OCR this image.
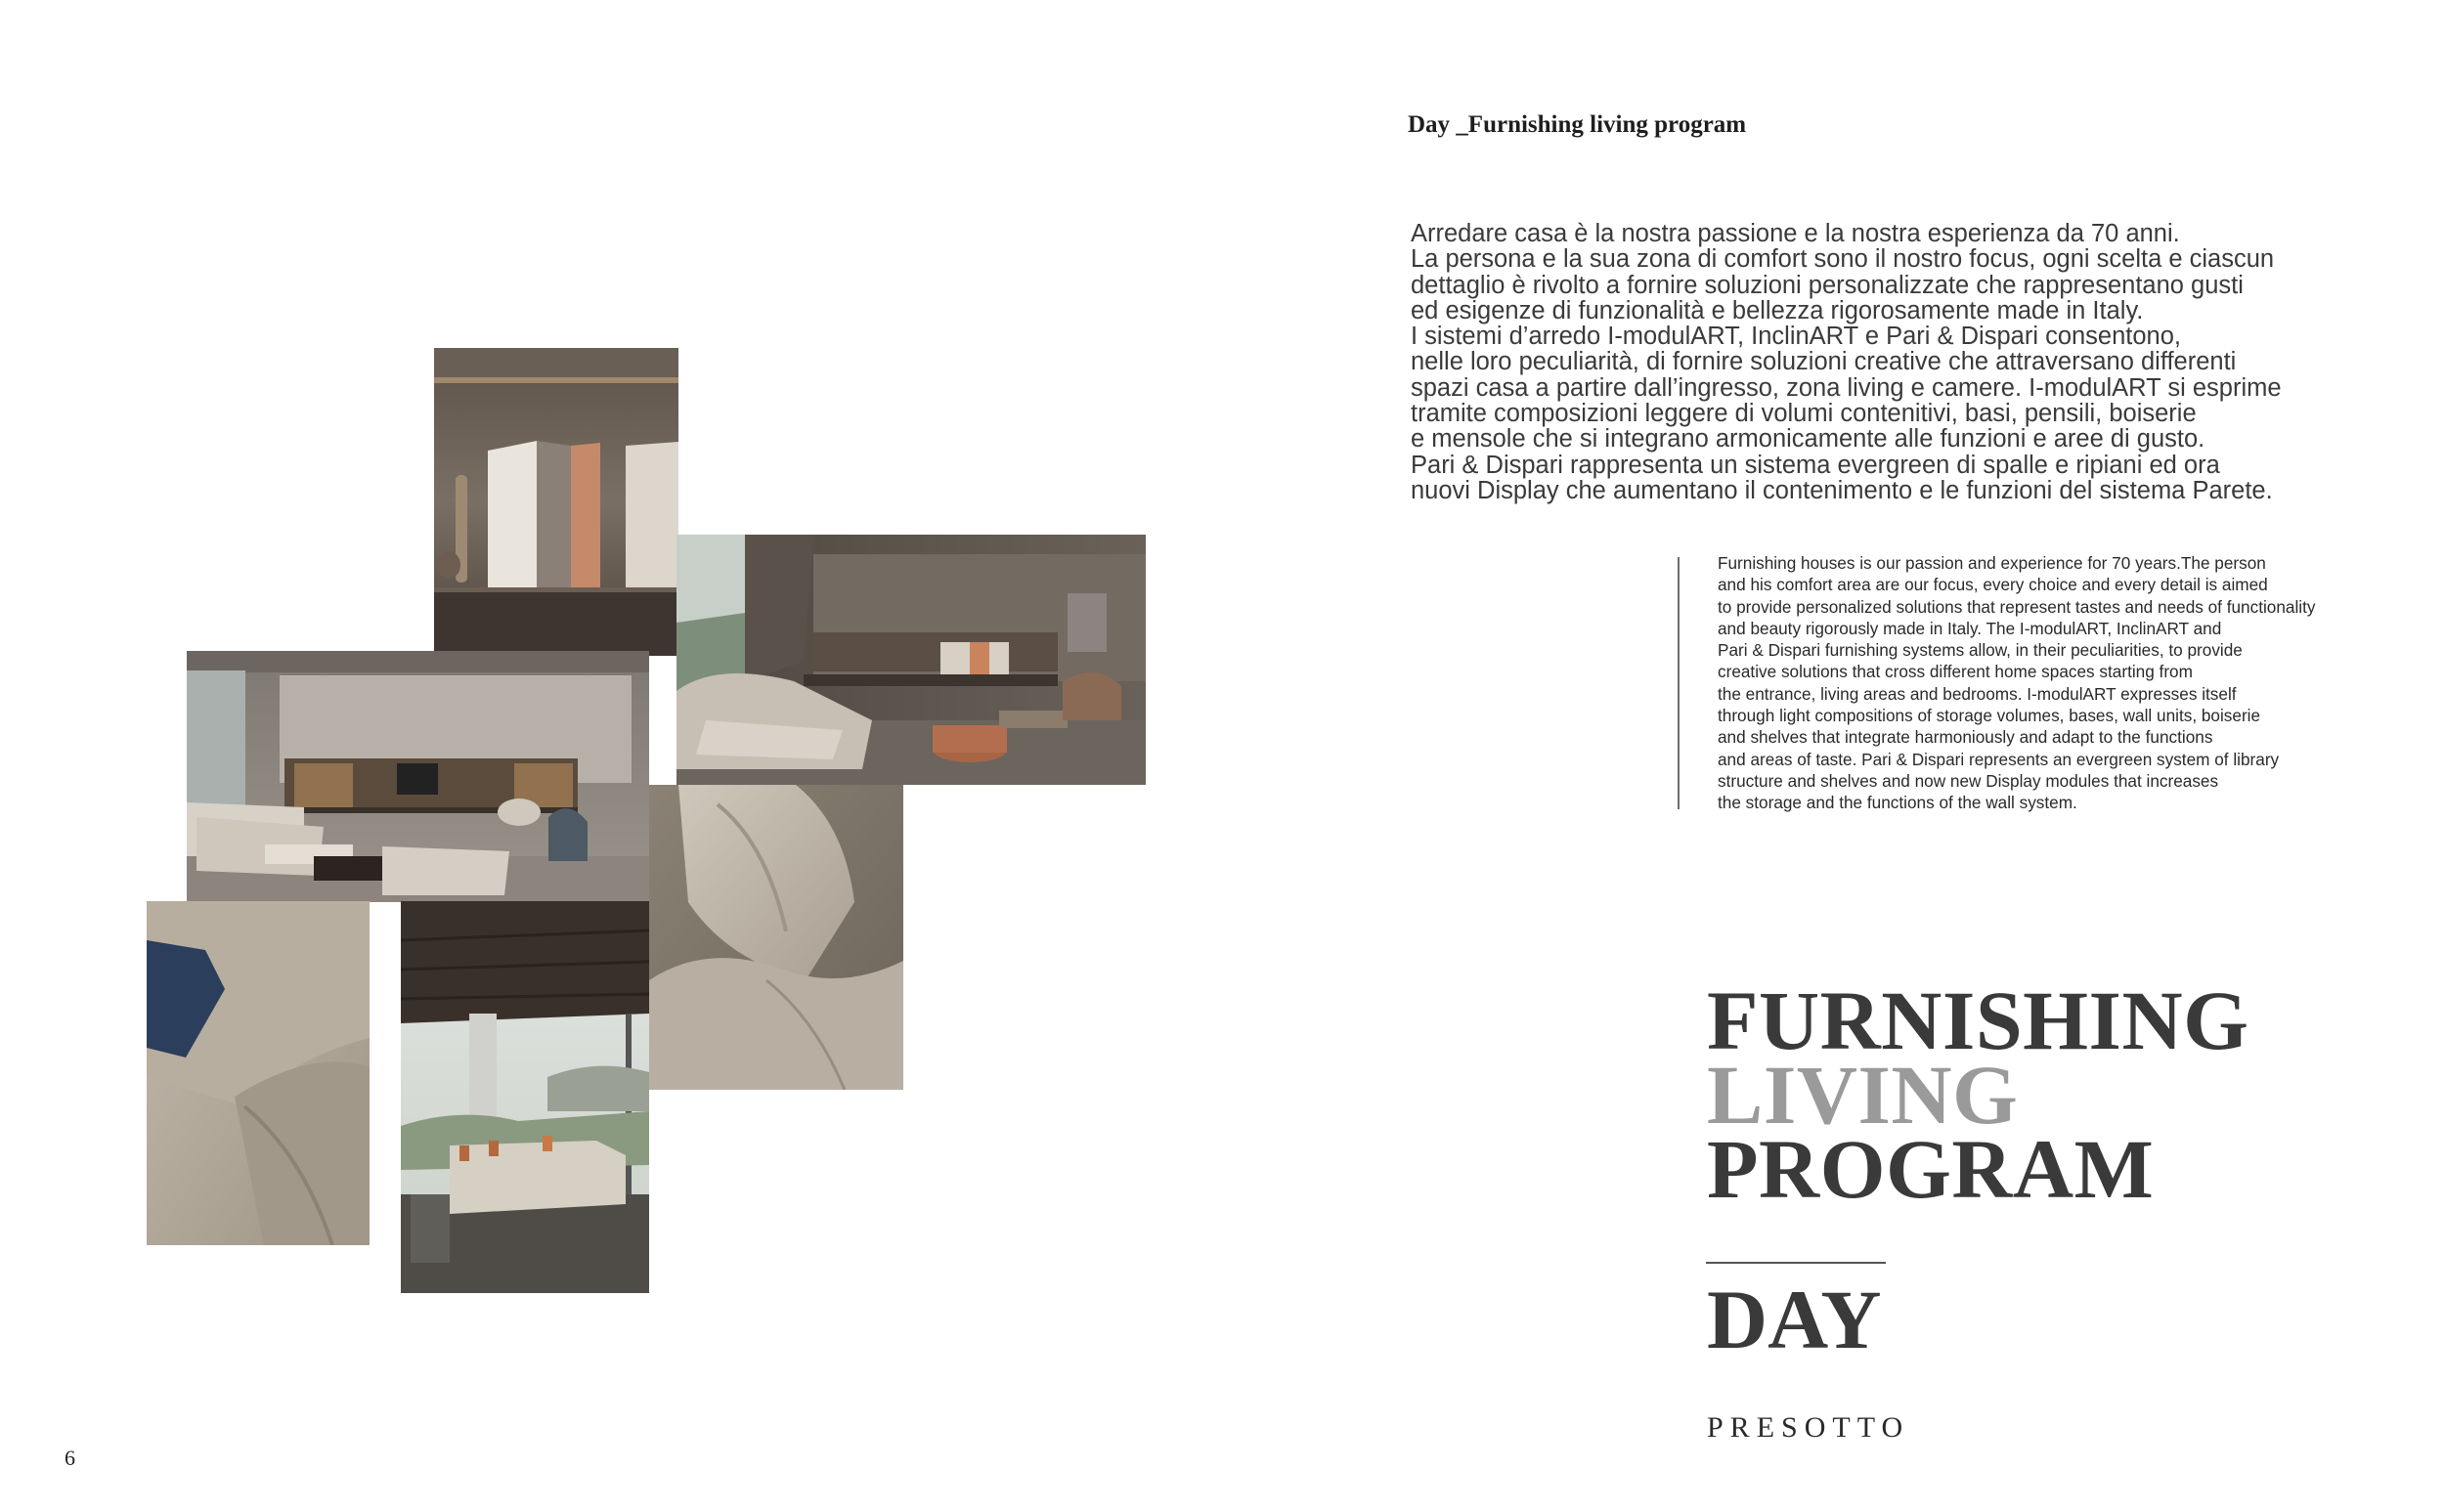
Day _Furnishing living program

Arredare casa è la nostra passione e la nostra esperienza da 70 anni.
La persona e la sua zona di comfort sono il nostro focus, ogni scelta e ciascun
dettaglio è rivolto a fornire soluzioni personalizzate che rappresentano gusti
ed esigenze di funzionalità e bellezza rigorosamente made in Italy.
I sistemi d’arredo I-modulART, InclinART e Pari & Dispari consentono,
nelle loro peculiarità, di fornire soluzioni creative che attraversano differenti
spazi casa a partire dall’ingresso, zona living e camere. I-modulART si esprime
tramite composizioni leggere di volumi contenitivi, basi, pensili, boiserie
e mensole che si integrano armonicamente alle funzioni e aree di gusto.
Pari & Dispari rappresenta un sistema evergreen di spalle e ripiani ed ora
nuovi Display che aumentano il contenimento e le funzioni del sistema Parete.

Furnishing houses is our passion and experience for 70 years.The person
and his comfort area are our focus, every choice and every detail is aimed
to provide personalized solutions that represent tastes and needs of functionality
and beauty rigorously made in Italy. The I-modulART, InclinART and
Pari & Dispari furnishing systems allow, in their peculiarities, to provide
creative solutions that cross different home spaces starting from
the entrance, living areas and bedrooms. I-modulART expresses itself
through light compositions of storage volumes, bases, wall units, boiserie
and shelves that integrate harmoniously and adapt to the functions
and areas of taste. Pari & Dispari represents an evergreen system of library
structure and shelves and now new Display modules that increases
the storage and the functions of the wall system.

FURNISHING
LIVING
PROGRAM
DAY

PRESOTTO

6
